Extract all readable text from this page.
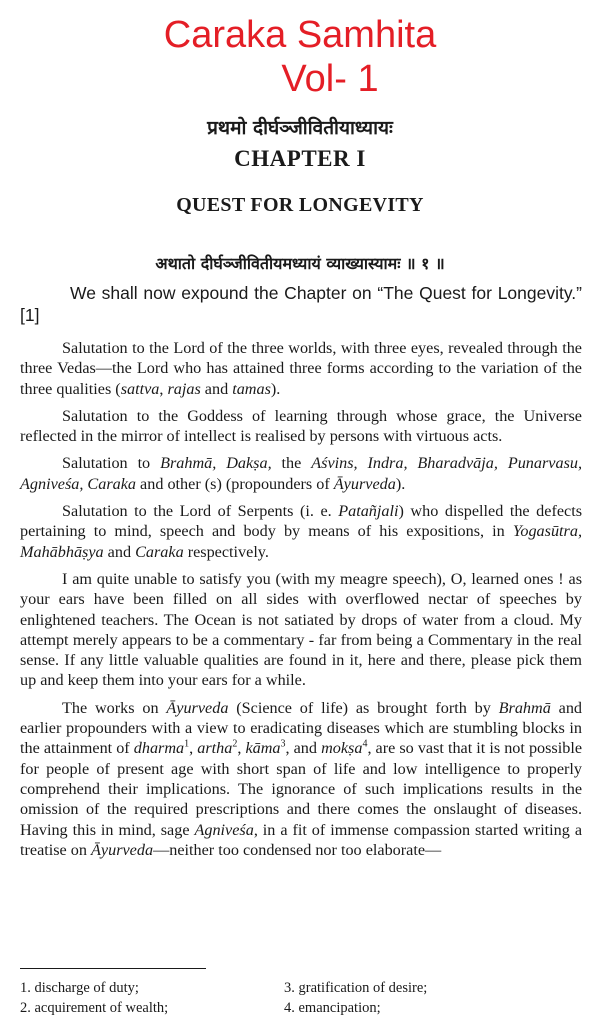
Caraka Samhita
Vol- 1
प्रथमो दीर्घञ्जीवितीयाध्यायः
CHAPTER I
QUEST FOR LONGEVITY
अथातो दीर्घञ्जीवितीयमध्यायं व्याख्यास्यामः ॥ १ ॥

We shall now expound the Chapter on “The Quest for Longevity.” [1]

Salutation to the Lord of the three worlds, with three eyes, revealed through the three Vedas—the Lord who has attained three forms according to the variation of the three qualities (sattva, rajas and tamas).

Salutation to the Goddess of learning through whose grace, the Universe reflected in the mirror of intellect is realised by persons with virtuous acts.

Salutation to Brahmā, Dakṣa, the Aśvins, Indra, Bharadvāja, Punarvasu, Agniveśa, Caraka and other (s) (propounders of Āyurveda).

Salutation to the Lord of Serpents (i. e. Patañjali) who dispelled the defects pertaining to mind, speech and body by means of his expositions, in Yogasūtra, Mahābhāṣya and Caraka respectively.

I am quite unable to satisfy you (with my meagre speech), O, learned ones ! as your ears have been filled on all sides with overflowed nectar of speeches by enlightened teachers. The Ocean is not satiated by drops of water from a cloud. My attempt merely appears to be a commentary - far from being a Commentary in the real sense. If any little valuable qualities are found in it, here and there, please pick them up and keep them into your ears for a while.

The works on Āyurveda (Science of life) as brought forth by Brahmā and earlier propounders with a view to eradicating diseases which are stumbling blocks in the attainment of dharma$^1$, artha$^2$, kāma$^3$, and mokṣa$^4$, are so vast that it is not possible for people of present age with short span of life and low intelligence to properly comprehend their implications. The ignorance of such implications results in the omission of the required prescriptions and there comes the onslaught of diseases. Having this in mind, sage Agniveśa, in a fit of immense compassion started writing a treatise on Āyurveda—neither too condensed nor too elaborate—

1. discharge of duty;	3. gratification of desire;
2. acquirement of wealth;	4. emancipation;
